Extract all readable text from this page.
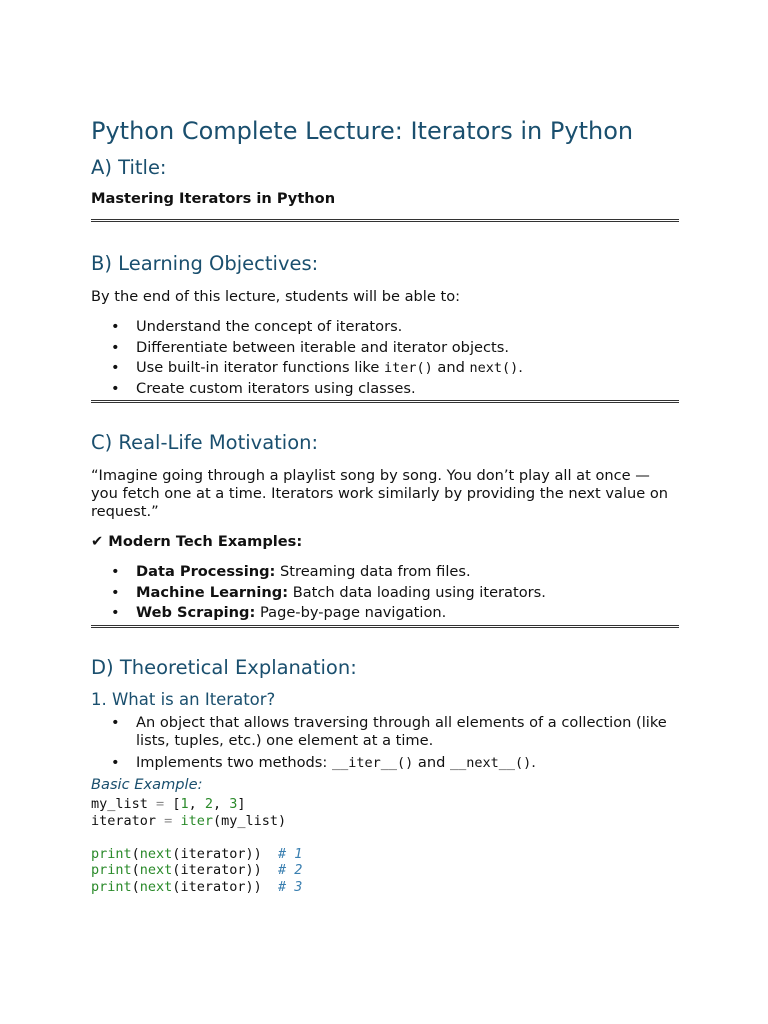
Python Complete Lecture: Iterators in Python
A) Title:

Mastering Iterators in Python

B) Learning Objectives:

By the end of this lecture, students will be able to:

• Understand the concept of iterators.
• Differentiate between iterable and iterator objects.
• Use built-in iterator functions like iter() and next().
• Create custom iterators using classes.
C) Real-Life Motivation:

“Imagine going through a playlist song by song. You don’t play all at once — you fetch one at a time. Iterators work similarly by providing the next value on request.”

✔ Modern Tech Examples:

• Data Processing: Streaming data from files.
• Machine Learning: Batch data loading using iterators.
• Web Scraping: Page-by-page navigation.
D) Theoretical Explanation:
1. What is an Iterator?
• An object that allows traversing through all elements of a collection (like lists, tuples, etc.) one element at a time.
• Implements two methods: __iter__() and __next__().
Basic Example:
my_list = [1, 2, 3]
iterator = iter(my_list)

print(next(iterator))  # 1
print(next(iterator))  # 2
print(next(iterator))  # 3
